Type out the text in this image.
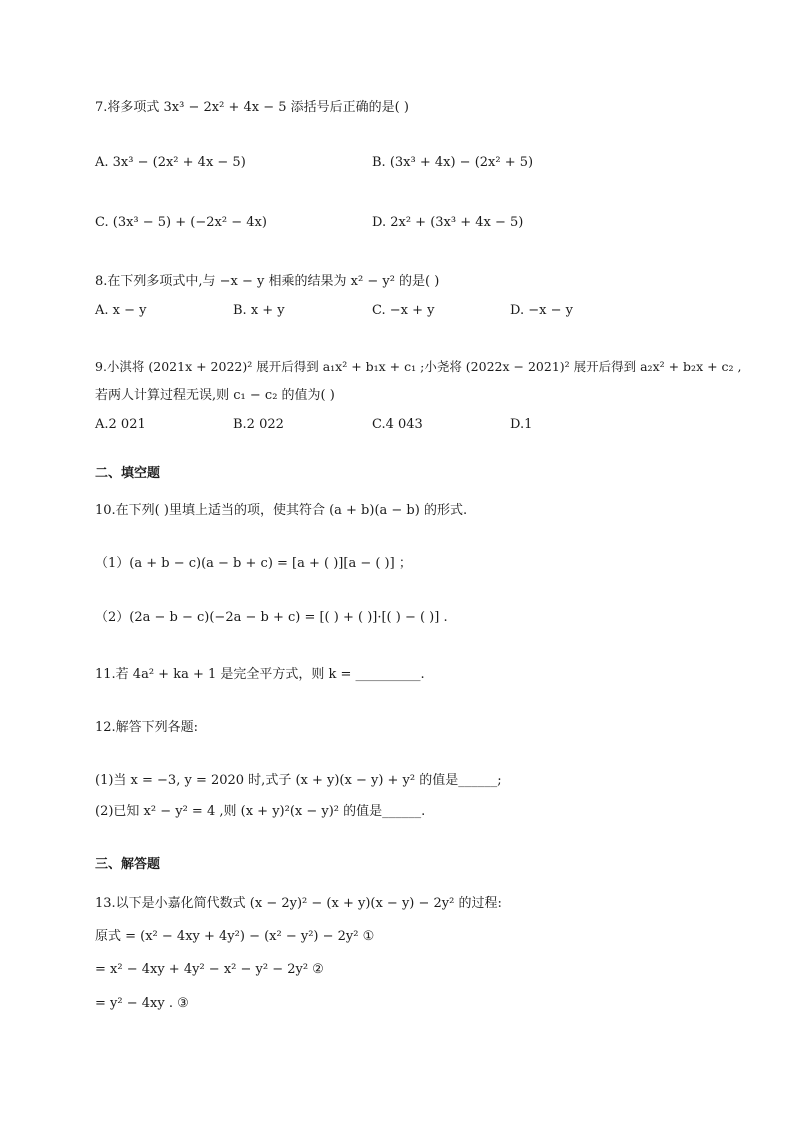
7.将多项式 3x³ − 2x² + 4x − 5 添括号后正确的是( )
A. 3x³ − (2x² + 4x − 5)	B. (3x³ + 4x) − (2x² + 5)
C. (3x³ − 5) + (−2x² − 4x)	D. 2x² + (3x³ + 4x − 5)
8.在下列多项式中,与 −x − y 相乘的结果为 x² − y² 的是( )
A. x − y	B. x + y	C. −x + y	D. −x − y
9.小淇将 (2021x + 2022)² 展开后得到 a₁x² + b₁x + c₁ ;小尧将 (2022x − 2021)² 展开后得到 a₂x² + b₂x + c₂ ,
若两人计算过程无误,则 c₁ − c₂ 的值为( )
A.2 021	B.2 022	C.4 043	D.1
二、填空题
10.在下列( )里填上适当的项，使其符合 (a + b)(a − b) 的形式.
（1）(a + b − c)(a − b + c) = [a + ( )][a − ( )] ；
（2）(2a − b − c)(−2a − b + c) = [( ) + ( )]·[( ) − ( )] .
11.若 4a² + ka + 1 是完全平方式，则 k = __________.
12.解答下列各题:
(1)当 x = −3, y = 2020 时,式子 (x + y)(x − y) + y² 的值是______;
(2)已知 x² − y² = 4 ,则 (x + y)²(x − y)² 的值是______.
三、解答题
13.以下是小嘉化简代数式 (x − 2y)² − (x + y)(x − y) − 2y² 的过程:
原式 = (x² − 4xy + 4y²) − (x² − y²) − 2y² ①
= x² − 4xy + 4y² − x² − y² − 2y² ②
= y² − 4xy . ③
